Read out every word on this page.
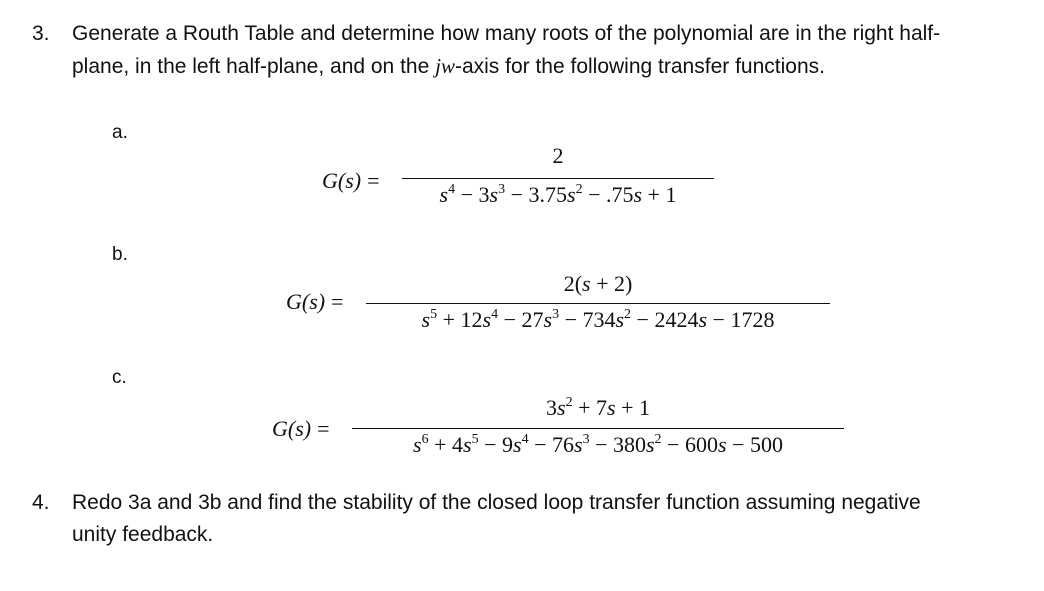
3. Generate a Routh Table and determine how many roots of the polynomial are in the right half-
plane, in the left half-plane, and on the jw-axis for the following transfer functions.
a.
G(s) =
2
$s^4 - 3s^3 - 3.75s^2 - .75s + 1$
b.
G(s) =
2(s + 2)
$s^5 + 12s^4 - 27s^3 - 734s^2 - 2424s - 1728$
c.
G(s) =
$3s^2 + 7s + 1$
$s^6 + 4s^5 - 9s^4 - 76s^3 - 380s^2 - 600s - 500$
4. Redo 3a and 3b and find the stability of the closed loop transfer function assuming negative
unity feedback.
